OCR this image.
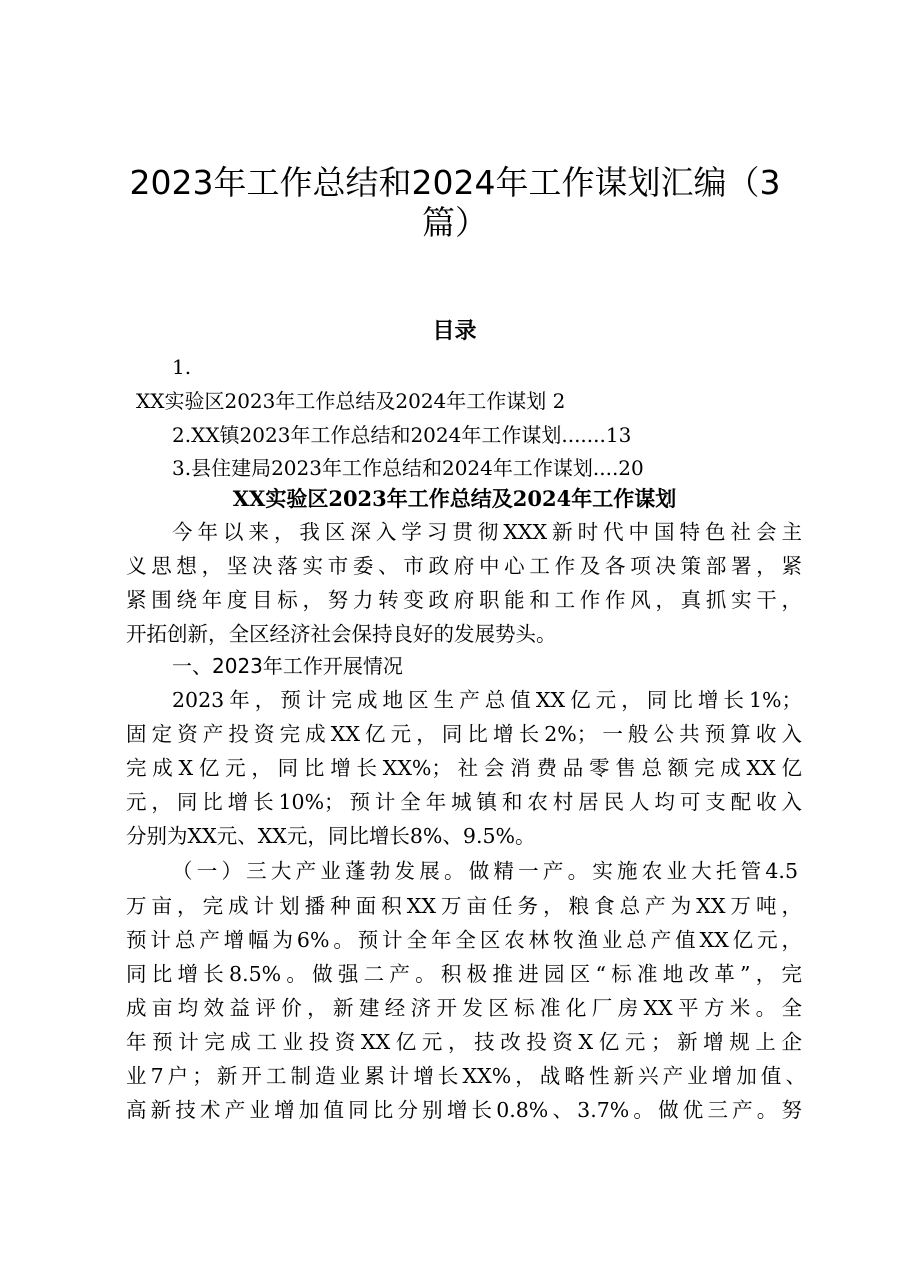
2023年工作总结和2024年工作谋划汇编（3
篇）
目录
1.
XX实验区2023年工作总结及2024年工作谋划 2
2.XX镇2023年工作总结和2024年工作谋划.......13
3.县住建局2023年工作总结和2024年工作谋划....20
XX实验区2023年工作总结及2024年工作谋划
今年以来，我区深入学习贯彻XXX新时代中国特色社会主
义思想，坚决落实市委、市政府中心工作及各项决策部署，紧
紧围绕年度目标，努力转变政府职能和工作作风，真抓实干，
开拓创新，全区经济社会保持良好的发展势头。
一、2023年工作开展情况
2023年，预计完成地区生产总值XX亿元，同比增长1%；
固定资产投资完成XX亿元，同比增长2%；一般公共预算收入
完成X亿元，同比增长XX%；社会消费品零售总额完成XX亿
元，同比增长10%；预计全年城镇和农村居民人均可支配收入
分别为XX元、XX元，同比增长8%、9.5%。
（一）三大产业蓬勃发展。做精一产。实施农业大托管4.5
万亩，完成计划播种面积XX万亩任务，粮食总产为XX万吨，
预计总产增幅为6%。预计全年全区农林牧渔业总产值XX亿元，
同比增长8.5%。做强二产。积极推进园区“标准地改革”，完
成亩均效益评价，新建经济开发区标准化厂房XX平方米。全
年预计完成工业投资XX亿元，技改投资X亿元；新增规上企
业7户；新开工制造业累计增长XX%，战略性新兴产业增加值、
高新技术产业增加值同比分别增长0.8%、3.7%。做优三产。努
